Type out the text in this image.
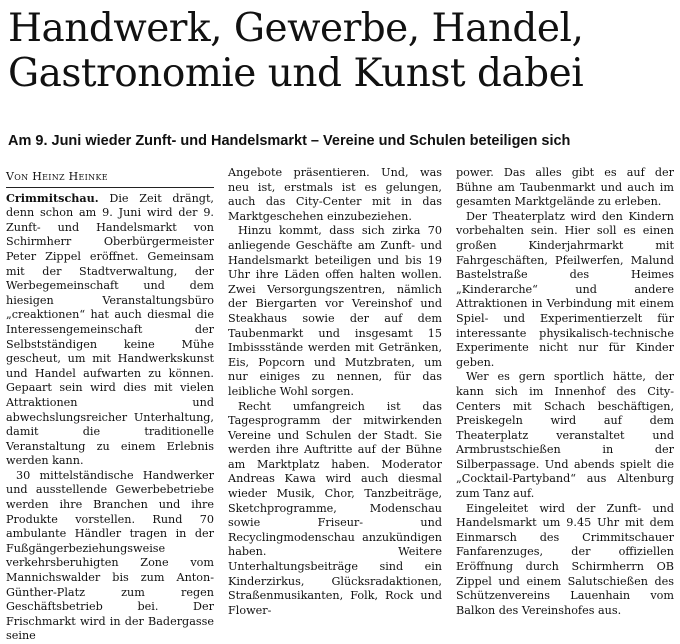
Handwerk, Gewerbe, Handel,
Gastronomie und Kunst dabei
Am 9. Juni wieder Zunft- und Handelsmarkt – Vereine und Schulen beteiligen sich
Von Heinz Heinke

Crimmitschau. Die Zeit drängt, denn schon am 9. Juni wird der 9. Zunft- und Handelsmarkt von Schirmherr Oberbürgermeister Peter Zippel eröffnet. Gemeinsam mit der Stadtverwaltung, der Werbegemeinschaft und dem hiesigen Veranstaltungsbüro „creaktionen“ hat auch diesmal die Interessengemeinschaft der Selbstständigen keine Mühe gescheut, um mit Handwerkskunst und Handel aufwarten zu können. Gepaart sein wird dies mit vielen Attraktionen und abwechslungsreicher Unterhaltung, damit die traditionelle Veranstaltung zu einem Erlebnis werden kann.

30 mittelständische Handwerker und ausstellende Gewerbebetriebe werden ihre Branchen und ihre Produkte vorstellen. Rund 70 ambulante Händler tragen in der Fußgängerbeziehungsweise verkehrsberuhigten Zone vom Mannichswalder bis zum Anton-Günther-Platz zum regen Geschäftsbetrieb bei. Der Frischmarkt wird in der Badergasse seine

Angebote präsentieren. Und, was neu ist, erstmals ist es gelungen, auch das City-Center mit in das Marktgeschehen einzubeziehen.

Hinzu kommt, dass sich zirka 70 anliegende Geschäfte am Zunft- und Handelsmarkt beteiligen und bis 19 Uhr ihre Läden offen halten wollen. Zwei Versorgungszentren, nämlich der Biergarten vor Vereinshof und Steakhaus sowie der auf dem Taubenmarkt und insgesamt 15 Imbissstände werden mit Getränken, Eis, Popcorn und Mutzbraten, um nur einiges zu nennen, für das leibliche Wohl sorgen.

Recht umfangreich ist das Tagesprogramm der mitwirkenden Vereine und Schulen der Stadt. Sie werden ihre Auftritte auf der Bühne am Marktplatz haben. Moderator Andreas Kawa wird auch diesmal wieder Musik, Chor, Tanzbeiträge, Sketchprogramme, Modenschau sowie Friseur- und Recyclingmodenschau anzukündigen haben. Weitere Unterhaltungsbeiträge sind ein Kinderzirkus, Glücksradaktionen, Straßenmusikanten, Folk, Rock und Flower-

power. Das alles gibt es auf der Bühne am Taubenmarkt und auch im gesamten Marktgelände zu erleben.

Der Theaterplatz wird den Kindern vorbehalten sein. Hier soll es einen großen Kinderjahrmarkt mit Fahrgeschäften, Pfeilwerfen, Malund Bastelstraße des Heimes „Kinderarche“ und andere Attraktionen in Verbindung mit einem Spiel- und Experimentierzelt für interessante physikalisch-technische Experimente nicht nur für Kinder geben.

Wer es gern sportlich hätte, der kann sich im Innenhof des City-Centers mit Schach beschäftigen, Preiskegeln wird auf dem Theaterplatz veranstaltet und Armbrustschießen in der Silberpassage. Und abends spielt die „Cocktail-Partyband“ aus Altenburg zum Tanz auf.

Eingeleitet wird der Zunft- und Handelsmarkt um 9.45 Uhr mit dem Einmarsch des Crimmitschauer Fanfarenzuges, der offiziellen Eröffnung durch Schirmherrn OB Zippel und einem Salutschießen des Schützenvereins Lauenhain vom Balkon des Vereinshofes aus.
